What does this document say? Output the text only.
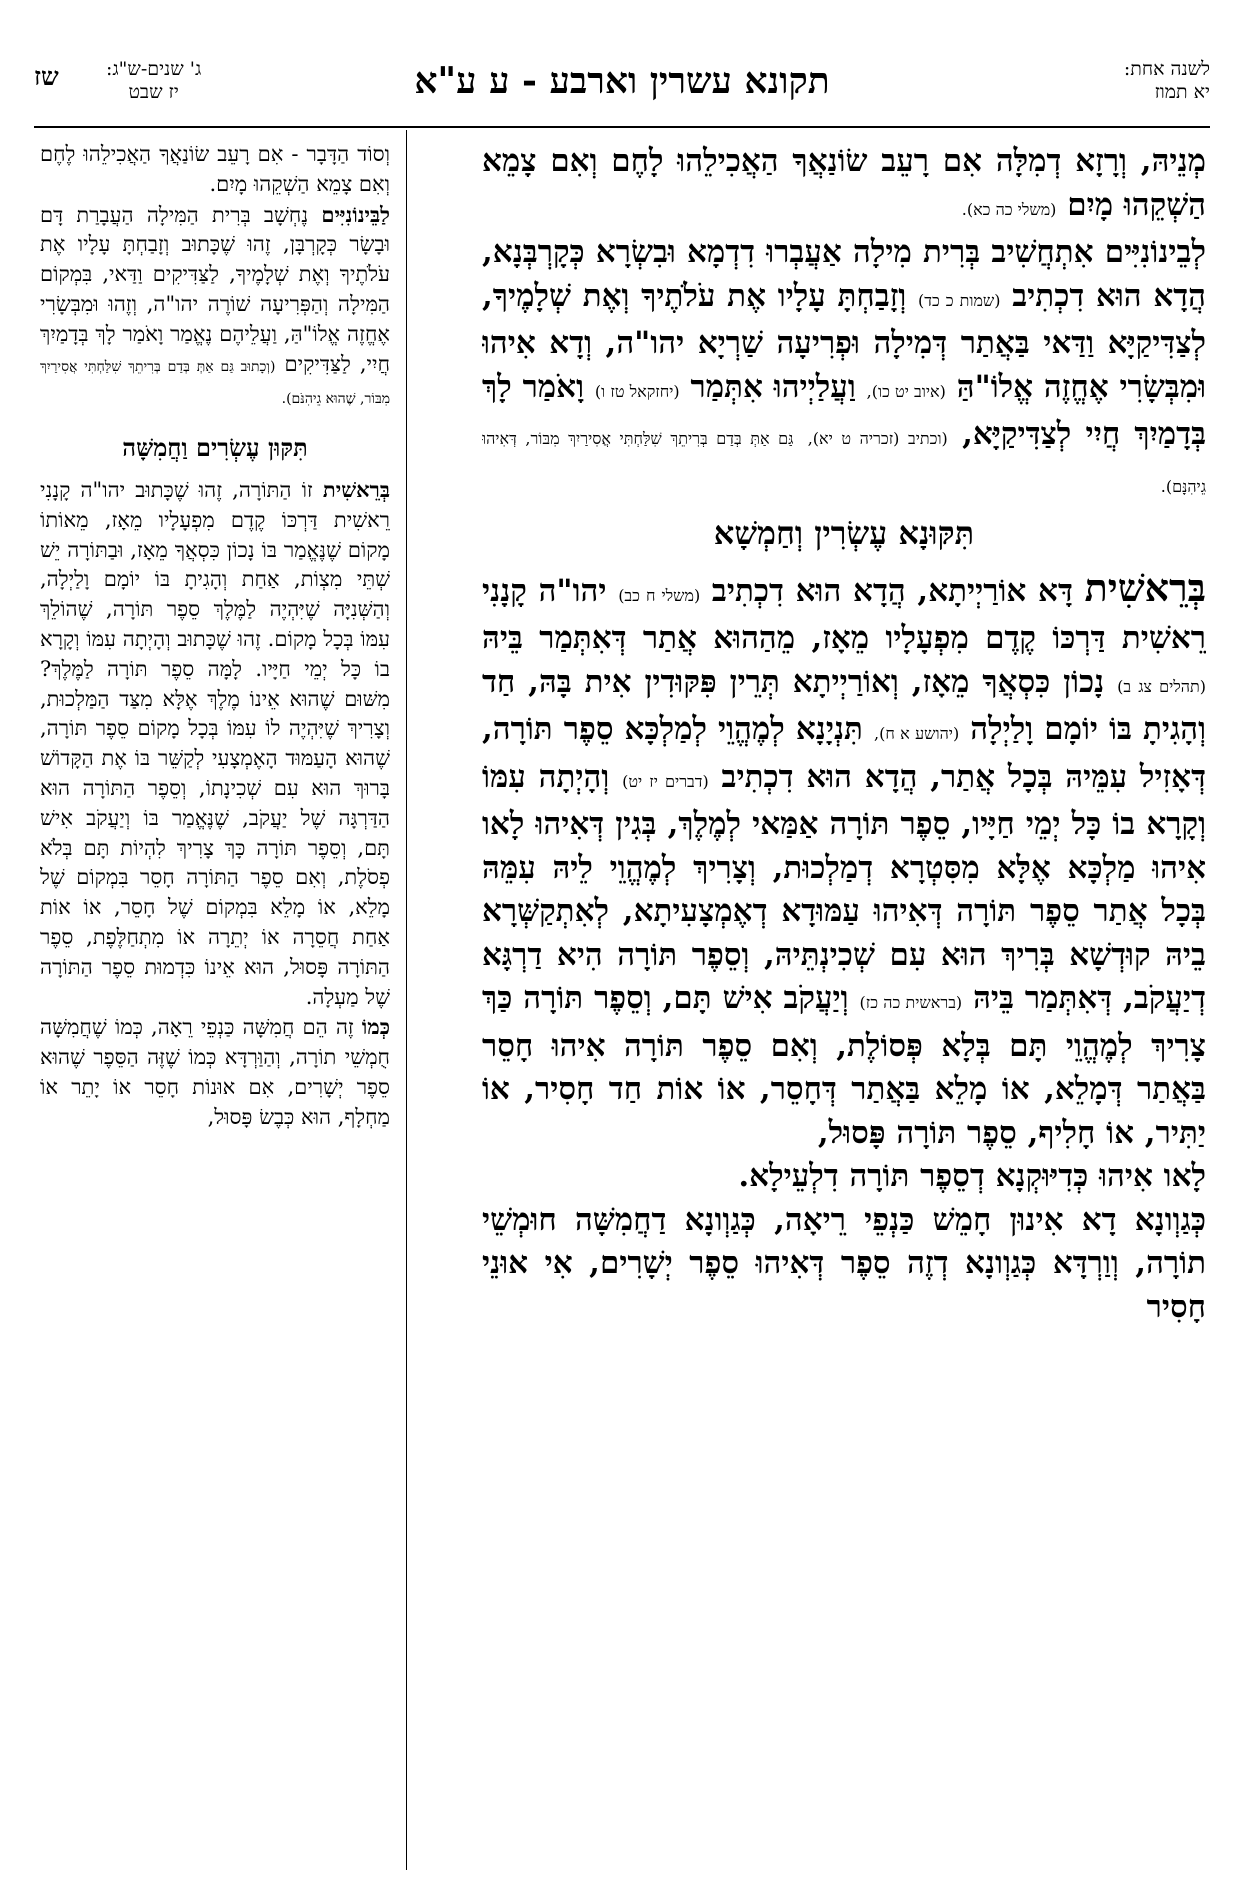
לשנה אחת:
יא תמוז
תקונא עשרין וארבע - ע ע"א
ג' שנים-ש"ג:
יז שבט
שז

מְנֵיהּ, וְרָזָא דְמִלָּה אִם רָעֵב שׂוֹנַאֲךָ הַאֲכִילֵהוּ לָחֶם וְאִם צָמֵא הַשְׁקֵהוּ מָיִם (משלי כה כא).

לְבֵינוֹנִיִּים אִתְחֲשִׁיב בְּרִית מִילָה אַעֲבְרוּ דִדְמָא וּבִשְׂרָא כְּקָרְבְּנָא, הֲדָא הוּא דִכְתִיב (שמות כ כד) וְזָבַחְתָּ עָלָיו אֶת עֹלֹתֶיךָ וְאֶת שְׁלָמֶיךָ, לְצַדִּיקַיָּא וַדַּאי בַּאֲתַר דְּמִילָה וּפְרִיעָה שַׁרְיָא יהו"ה, וְדָא אִיהוּ וּמִבְּשָׂרִי אֶחֱזֶה אֱלוֹ"הַּ (איוב יט כו), וַעֲלַיְיהוּ אִתְּמַר (יחזקאל טז ו) וָאֹמַר לָךְ בְּדָמַיִךְ חֲיִי לְצַדִּיקַיָּא, (וכתיב (זכריה ט יא), גַּם אַתְּ בְּדַם בְּרִיתֵךְ שִׁלַּחְתִּי אֲסִירַיִךְ מִבּוֹר, דְּאִיהוּ גֵיהִנָּם).

תִּקּוּנָא עֶשְׂרִין וְחַמְשָׁא

בְּרֵאשִׁית דָּא אוֹרַיְיתָא, הֲדָא הוּא דִכְתִיב (משלי ח כב) יהו"ה קָנָנִי רֵאשִׁית דַּרְכּוֹ קֶדֶם מִפְעָלָיו מֵאָז, מֵהַהוּא אֲתַר דְּאִתְּמַר בֵּיהּ (תהלים צג ב) נָכוֹן כִּסְאֲךָ מֵאָז, וְאוֹרַיְיתָא תְּרֵין פִּקּוּדִין אִית בָּהּ, חַד וְהָגִיתָ בּוֹ יוֹמָם וָלַיְלָה (יהושע א ח), תִּנְיָנָא לְמֶהֱוֵי לְמַלְכָּא סֵפֶר תּוֹרָה, דְּאָזִיל עִמֵּיהּ בְּכָל אֲתַר, הֲדָא הוּא דִכְתִיב (דברים יז יט) וְהָיְתָה עִמּוֹ וְקָרָא בוֹ כָּל יְמֵי חַיָּיו, סֵפֶר תּוֹרָה אַמַּאי לְמֶלֶךְ, בְּגִין דְּאִיהוּ לָאו אִיהוּ מַלְכָּא אֶלָּא מִסִּטְרָא דְמַלְכוּת, וְצָרִיךְ לְמֶהֱוֵי לֵיהּ עִמֵּהּ בְּכָל אֲתַר סֵפֶר תּוֹרָה דְּאִיהוּ עַמּוּדָא דְאֶמְצָעִיתָא, לְאִתְקַשְּׁרָא בֵיהּ קוּדְשָׁא בְּרִיךְ הוּא עִם שְׁכִינְתֵּיהּ, וְסֵפֶר תּוֹרָה הִיא דַרְגָּא דְיַעֲקֹב, דְּאִתְּמַר בֵּיהּ (בראשית כה כז) וְיַעֲקֹב אִישׁ תָּם, וְסֵפֶר תּוֹרָה כַּךְ צָרִיךְ לְמֶהֱוֵי תָּם בְּלָא פְּסוֹלֶת, וְאִם סֵפֶר תּוֹרָה אִיהוּ חָסֵר בַּאֲתַר דְּמָלֵא, אוֹ מָלֵא בַּאֲתַר דְּחָסֵר, אוֹ אוֹת חַד חָסִיר, אוֹ יַתִּיר, אוֹ חָלִיף, סֵפֶר תּוֹרָה פָּסוּל,

לָאו אִיהוּ כְּדִיּוּקְנָא דְסֵפֶר תּוֹרָה דִלְעֵילָא.

כְּגַוְונָא דָא אִינוּן חָמֵשׁ כַּנְפֵי רֵיאָה, כְּגַוְונָא דַחֲמִשָּׁה חוּמְשֵׁי תוֹרָה, וְוַרְדָּא כְּגַוְונָא דְזֶה סֵפֶר דְּאִיהוּ סֵפֶר יְשָׁרִים, אִי אוּנֵי חָסִיר

וְסוֹד הַדָּבָר - אִם רָעֵב שׂוֹנַאֲךָ הַאֲכִילֵהוּ לֶחֶם וְאִם צָמֵא הַשְׁקֵהוּ מָיִם.

לַבֵּינוֹנִיִּים נֶחְשָׁב בְּרִית הַמִּילָה הַעֲבָרַת דָּם וּבָשָׂר כְּקָרְבָּן, זֶהוּ שֶׁכָּתוּב וְזָבַחְתָּ עָלָיו אֶת עֹלֹתֶיךָ וְאֶת שְׁלָמֶיךָ, לַצַּדִּיקִים וַדַּאי, בִּמְקוֹם הַמִּילָה וְהַפְּרִיעָה שׁוֹרֶה יהו"ה, וְזֶהוּ וּמִבְּשָׂרִי אֶחֱזֶה אֱלוֹ"הַּ, וַעֲלֵיהֶם נֶאֱמַר וָאֹמַר לָךְ בְּדָמַיִךְ חֲיִי, לַצַּדִּיקִים (וְכָתוּב גַּם אַתְּ בְּדַם בְּרִיתֵךְ שִׁלַּחְתִּי אֲסִירַיִךְ מִבּוֹר, שֶׁהוּא גֵיהִנֹּם).

תִּקּוּן עֶשְׂרִים וַחֲמִשָּׁה

בְּרֵאשִׁית זוֹ הַתּוֹרָה, זֶהוּ שֶׁכָּתוּב יהו"ה קָנָנִי רֵאשִׁית דַּרְכּוֹ קֶדֶם מִפְעָלָיו מֵאָז, מֵאוֹתוֹ מָקוֹם שֶׁנֶּאֱמַר בּוֹ נָכוֹן כִּסְאֲךָ מֵאָז, וּבַתּוֹרָה יֵשׁ שְׁתֵּי מִצְוֹת, אַחַת וְהָגִיתָ בּוֹ יוֹמָם וָלַיְלָה, וְהַשְּׁנִיָּה שֶׁיִּהְיֶה לַמֶּלֶךְ סֵפֶר תּוֹרָה, שֶׁהוֹלֵךְ עִמּוֹ בְּכָל מָקוֹם. זֶהוּ שֶׁכָּתוּב וְהָיְתָה עִמּוֹ וְקָרָא בוֹ כָּל יְמֵי חַיָּיו. לָמָּה סֵפֶר תּוֹרָה לַמֶּלֶךְ? מִשּׁוּם שֶׁהוּא אֵינוֹ מֶלֶךְ אֶלָּא מִצַּד הַמַּלְכוּת, וְצָרִיךְ שֶׁיִּהְיֶה לוֹ עִמּוֹ בְּכָל מָקוֹם סֵפֶר תּוֹרָה, שֶׁהוּא הָעַמּוּד הָאֶמְצָעִי לְקַשֵּׁר בּוֹ אֶת הַקָּדוֹשׁ בָּרוּךְ הוּא עִם שְׁכִינָתוֹ, וְסֵפֶר הַתּוֹרָה הוּא הַדַּרְגָּה שֶׁל יַעֲקֹב, שֶׁנֶּאֱמַר בּוֹ וְיַעֲקֹב אִישׁ תָּם, וְסֵפֶר תּוֹרָה כָּךְ צָרִיךְ לִהְיוֹת תָּם בְּלֹא פְסֹלֶת, וְאִם סֵפֶר הַתּוֹרָה חָסֵר בִּמְקוֹם שֶׁל מָלֵא, אוֹ מָלֵא בִּמְקוֹם שֶׁל חָסֵר, אוֹ אוֹת אַחַת חֲסֵרָה אוֹ יְתֵרָה אוֹ מִתְחַלֶּפֶת, סֵפֶר הַתּוֹרָה פָּסוּל, הוּא אֵינוֹ כִּדְמוּת סֵפֶר הַתּוֹרָה שֶׁל מַעְלָה.

כְּמוֹ זֶה הֵם חֲמִשָּׁה כַּנְפֵי רֵאָה, כְּמוֹ שֶׁחֲמִשָּׁה חֻמְשֵׁי תוֹרָה, וְהַוַּרְדָּא כְּמוֹ שֶׁזֶּה הַסֵּפֶר שֶׁהוּא סֵפֶר יְשָׁרִים, אִם אוּנוֹת חָסֵר אוֹ יָתֵר אוֹ מַחְלָף, הוּא כְּבֶשׂ פָּסוּל,
